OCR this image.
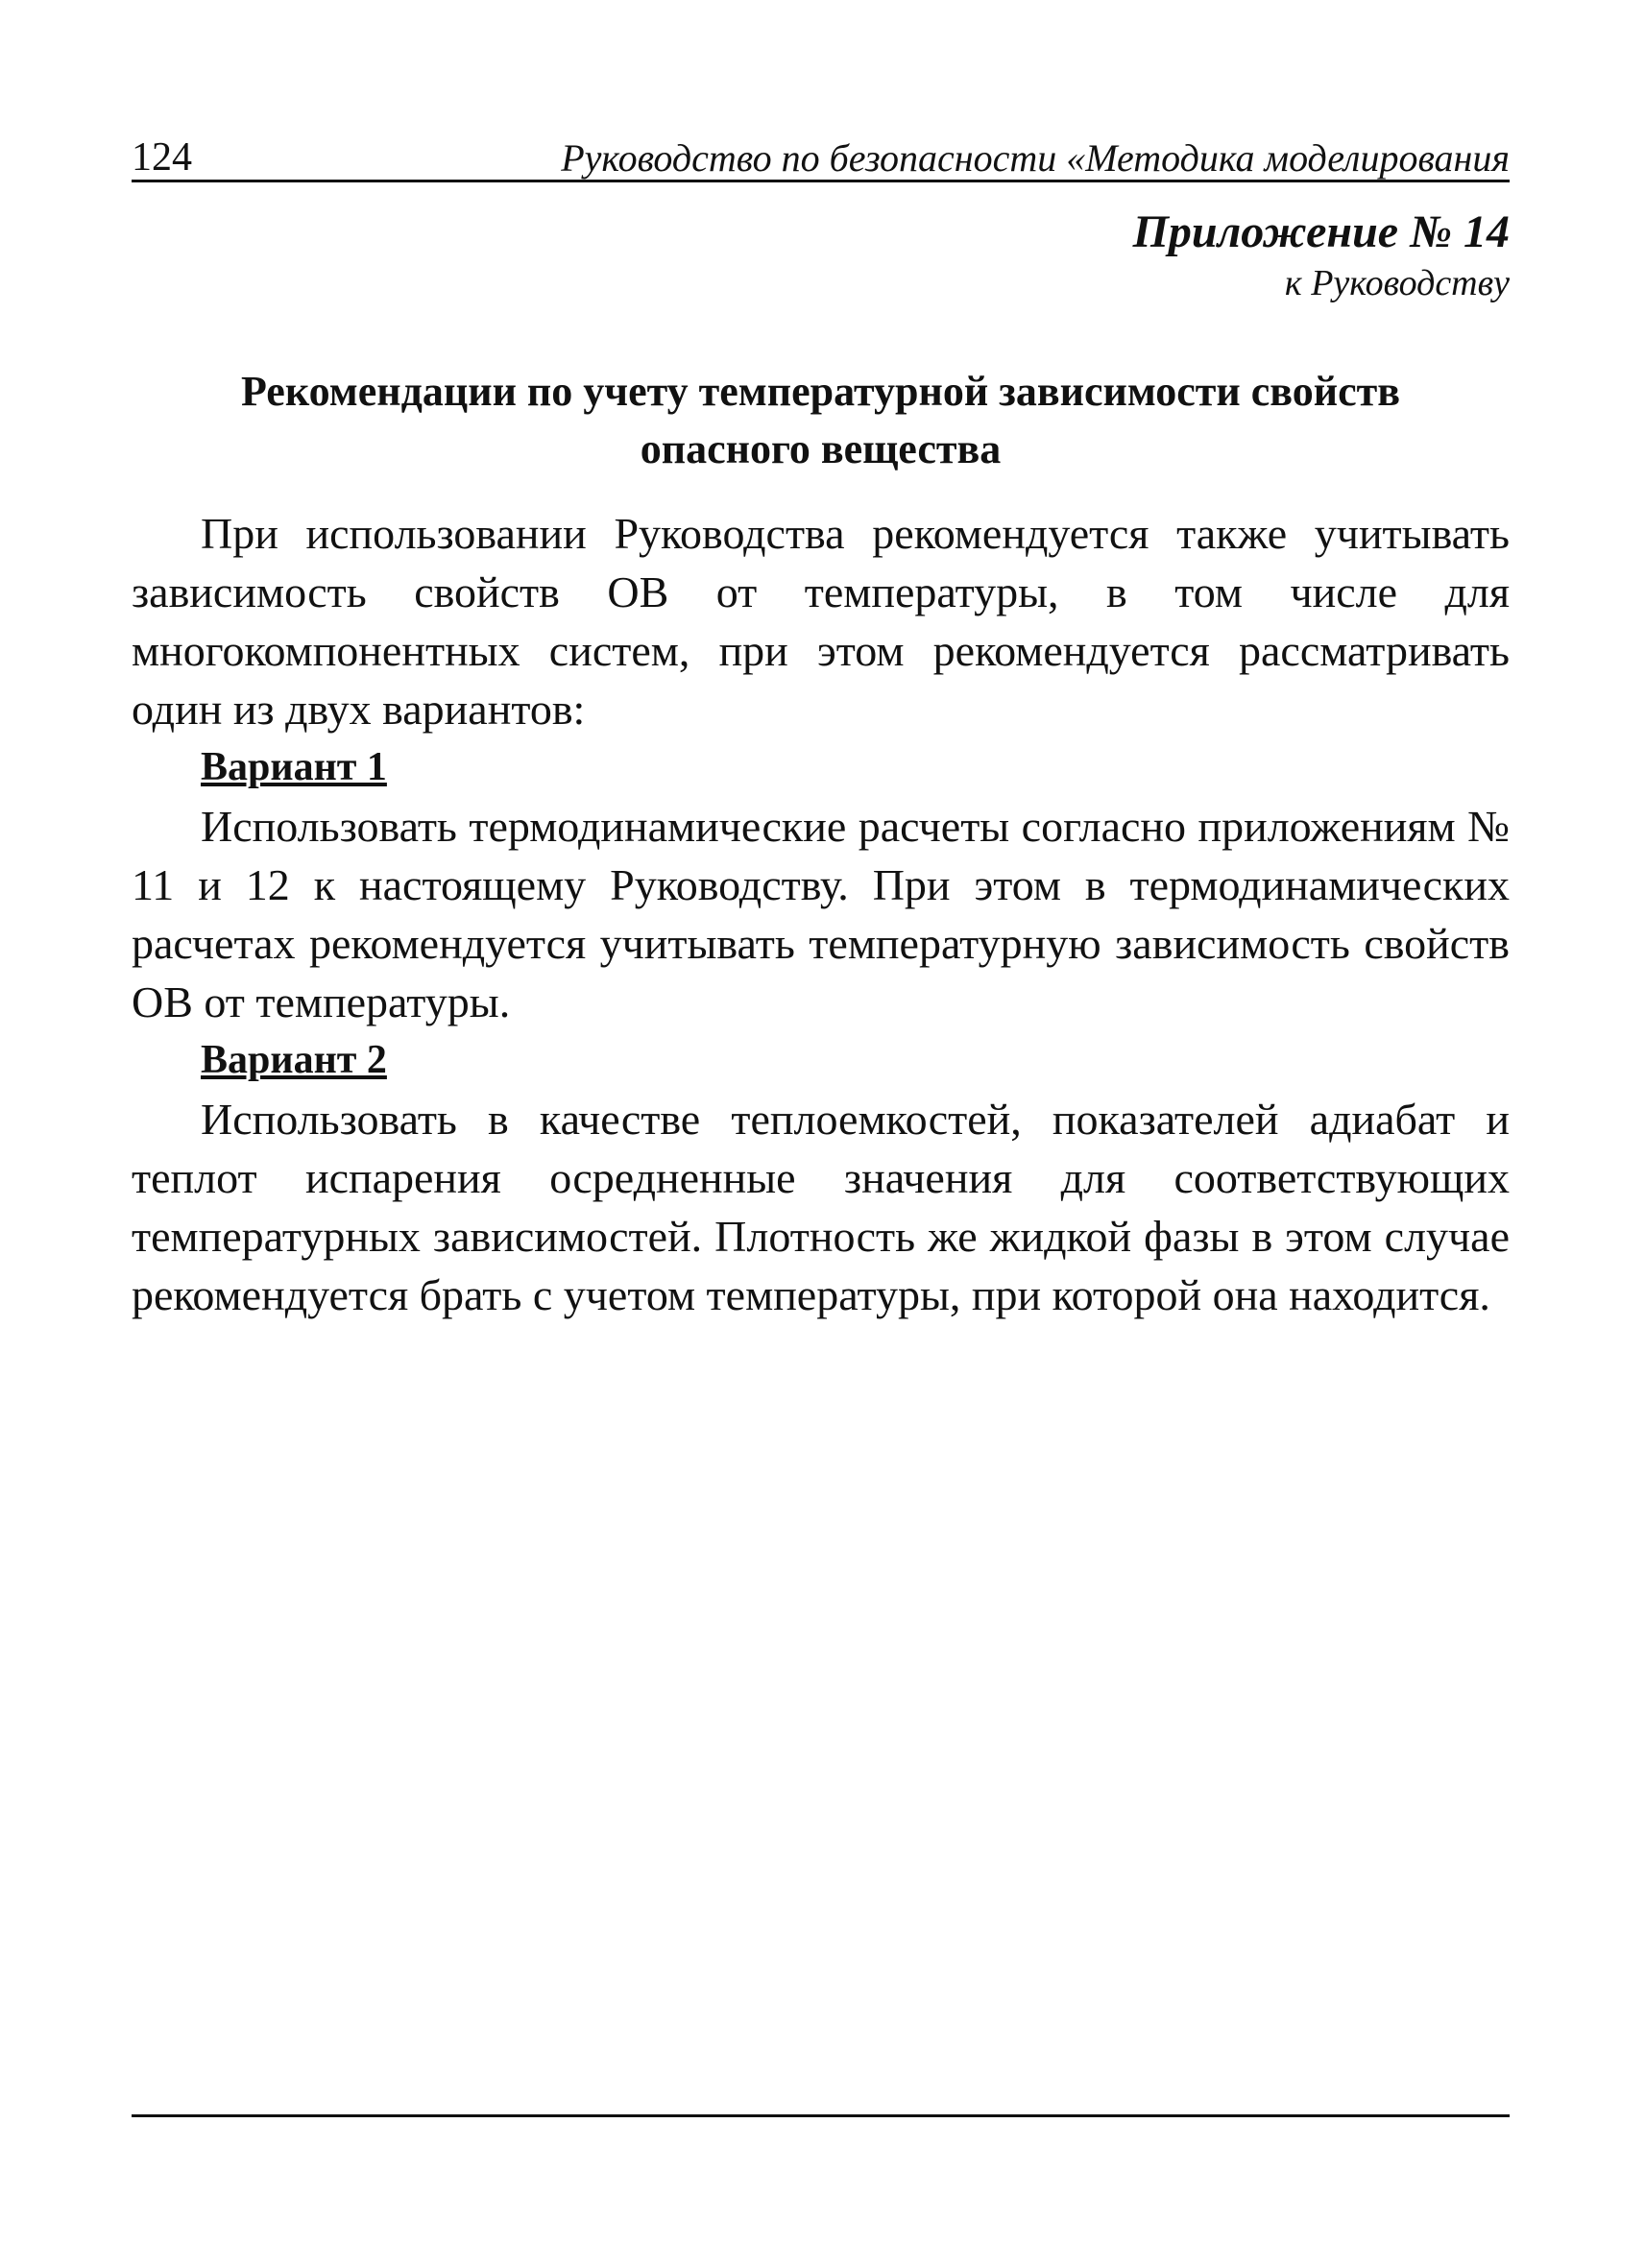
124	Руководство по безопасности «Методика моделирования
Приложение № 14
к Руководству
Рекомендации по учету температурной зависимости свойств
опасного вещества

При использовании Руководства рекомендуется также учитывать зависимость свойств ОВ от температуры, в том числе для многокомпонентных систем, при этом рекомендуется рассматривать один из двух вариантов:

Вариант 1

Использовать термодинамические расчеты согласно приложениям № 11 и 12 к настоящему Руководству. При этом в термодинамических расчетах рекомендуется учитывать температурную зависимость свойств ОВ от температуры.

Вариант 2

Использовать в качестве теплоемкостей, показателей адиабат и теплот испарения осредненные значения для соответствующих температурных зависимостей. Плотность же жидкой фазы в этом случае рекомендуется брать с учетом температуры, при которой она находится.
